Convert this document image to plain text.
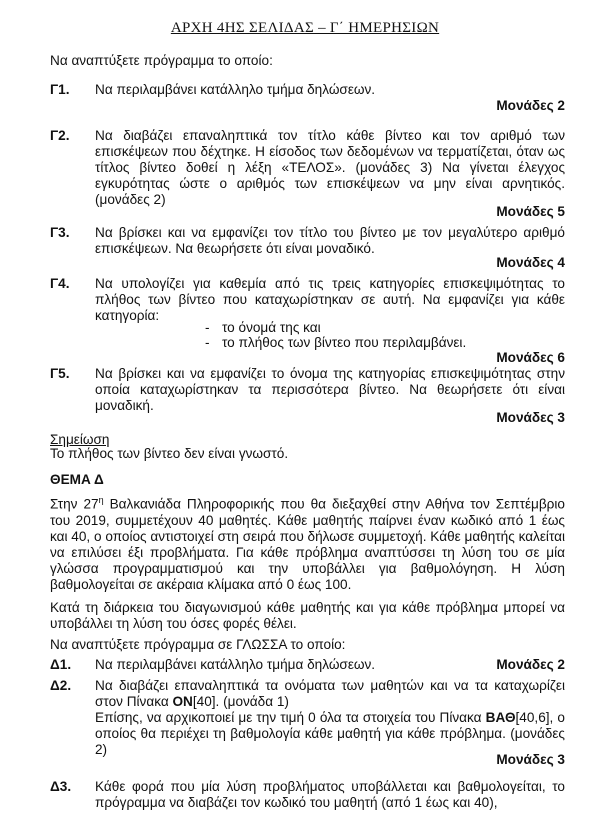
ΑΡΧΗ 4ΗΣ ΣΕΛΙΔΑΣ – Γ΄ ΗΜΕΡΗΣΙΩΝ
Να αναπτύξετε πρόγραμμα το οποίο:
Γ1. Να περιλαμβάνει κατάλληλο τμήμα δηλώσεων.
Μονάδες 2
Γ2. Να διαβάζει επαναληπτικά τον τίτλο κάθε βίντεο και τον αριθμό των επισκέψεων που δέχτηκε. Η είσοδος των δεδομένων να τερματίζεται, όταν ως τίτλος βίντεο δοθεί η λέξη «ΤΕΛΟΣ». (μονάδες 3) Να γίνεται έλεγχος εγκυρότητας ώστε ο αριθμός των επισκέψεων να μην είναι αρνητικός. (μονάδες 2)
Μονάδες 5
Γ3. Να βρίσκει και να εμφανίζει τον τίτλο του βίντεο με τον μεγαλύτερο αριθμό επισκέψεων. Να θεωρήσετε ότι είναι μοναδικό.
Μονάδες 4
Γ4. Να υπολογίζει για καθεμία από τις τρεις κατηγορίες επισκεψιμότητας το πλήθος των βίντεο που καταχωρίστηκαν σε αυτή. Να εμφανίζει για κάθε κατηγορία:
Μονάδες 6
- το όνομά της και
- το πλήθος των βίντεο που περιλαμβάνει.
Γ5. Να βρίσκει και να εμφανίζει το όνομα της κατηγορίας επισκεψιμότητας στην οποία καταχωρίστηκαν τα περισσότερα βίντεο. Να θεωρήσετε ότι είναι μοναδική.
Μονάδες 3
Σημείωση
Το πλήθος των βίντεο δεν είναι γνωστό.
ΘΕΜΑ Δ
Στην $27^\eta$ Βαλκανιάδα Πληροφορικής που θα διεξαχθεί στην Αθήνα τον Σεπτέμβριο του 2019, συμμετέχουν 40 μαθητές. Κάθε μαθητής παίρνει έναν κωδικό από 1 έως και 40, ο οποίος αντιστοιχεί στη σειρά που δήλωσε συμμετοχή. Κάθε μαθητής καλείται να επιλύσει έξι προβλήματα. Για κάθε πρόβλημα αναπτύσσει τη λύση του σε μία γλώσσα προγραμματισμού και την υποβάλλει για βαθμολόγηση. Η λύση βαθμολογείται σε ακέραια κλίμακα από 0 έως 100.
Κατά τη διάρκεια του διαγωνισμού κάθε μαθητής και για κάθε πρόβλημα μπορεί να υποβάλλει τη λύση του όσες φορές θέλει.
Να αναπτύξετε πρόγραμμα σε ΓΛΩΣΣΑ το οποίο:
Δ1. Να περιλαμβάνει κατάλληλο τμήμα δηλώσεων.	Μονάδες 2
Δ2. Να διαβάζει επαναληπτικά τα ονόματα των μαθητών και να τα καταχωρίζει στον Πίνακα ΟΝ[40]. (μονάδα 1)
Επίσης, να αρχικοποιεί με την τιμή 0 όλα τα στοιχεία του Πίνακα ΒΑΘ[40,6], ο οποίος θα περιέχει τη βαθμολογία κάθε μαθητή για κάθε πρόβλημα. (μονάδες 2)
Μονάδες 3
Δ3. Κάθε φορά που μία λύση προβλήματος υποβάλλεται και βαθμολογείται, το πρόγραμμα να διαβάζει τον κωδικό του μαθητή (από 1 έως και 40),
